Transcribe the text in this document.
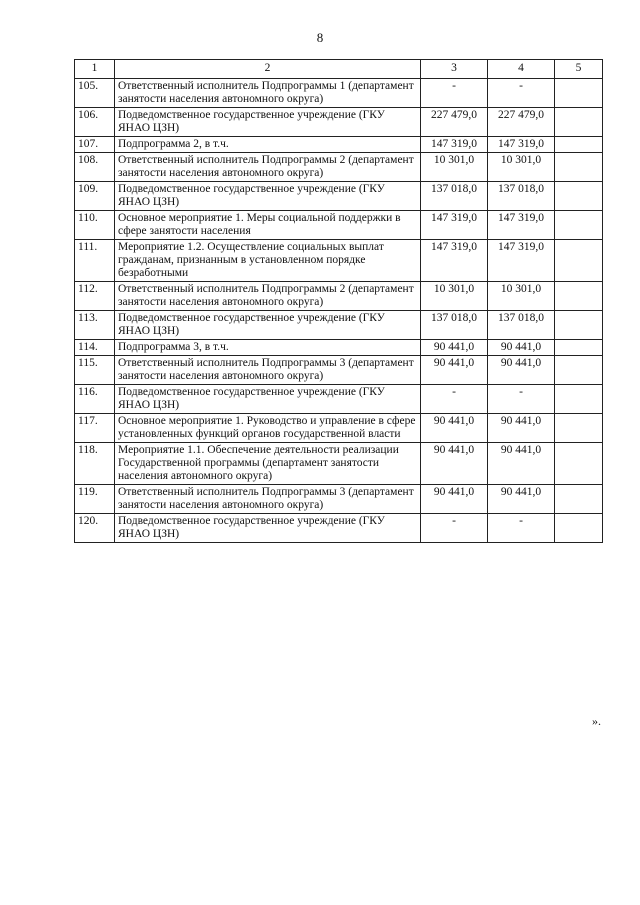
8
1	2	3	4	5
105.	Ответственный исполнитель Подпрограммы 1 (департамент занятости населения автономного округа)	-	-	
106.	Подведомственное государственное учреждение (ГКУ ЯНАО ЦЗН)	227 479,0	227 479,0	
107.	Подпрограмма 2, в т.ч.	147 319,0	147 319,0	
108.	Ответственный исполнитель Подпрограммы 2 (департамент занятости населения автономного округа)	10 301,0	10 301,0	
109.	Подведомственное государственное учреждение (ГКУ ЯНАО ЦЗН)	137 018,0	137 018,0	
110.	Основное мероприятие 1. Меры социальной поддержки в сфере занятости населения	147 319,0	147 319,0	
111.	Мероприятие 1.2. Осуществление социальных выплат гражданам, признанным в установленном порядке безработными	147 319,0	147 319,0	
112.	Ответственный исполнитель Подпрограммы 2 (департамент занятости населения автономного округа)	10 301,0	10 301,0	
113.	Подведомственное государственное учреждение (ГКУ ЯНАО ЦЗН)	137 018,0	137 018,0	
114.	Подпрограмма 3, в т.ч.	90 441,0	90 441,0	
115.	Ответственный исполнитель Подпрограммы 3 (департамент занятости населения автономного округа)	90 441,0	90 441,0	
116.	Подведомственное государственное учреждение (ГКУ ЯНАО ЦЗН)	-	-	
117.	Основное мероприятие 1. Руководство и управление в сфере установленных функций органов государственной власти	90 441,0	90 441,0	
118.	Мероприятие 1.1. Обеспечение деятельности реализации Государственной программы (департамент занятости населения автономного округа)	90 441,0	90 441,0	
119.	Ответственный исполнитель Подпрограммы 3 (департамент занятости населения автономного округа)	90 441,0	90 441,0	
120.	Подведомственное государственное учреждение (ГКУ ЯНАО ЦЗН)	-	-	
».
